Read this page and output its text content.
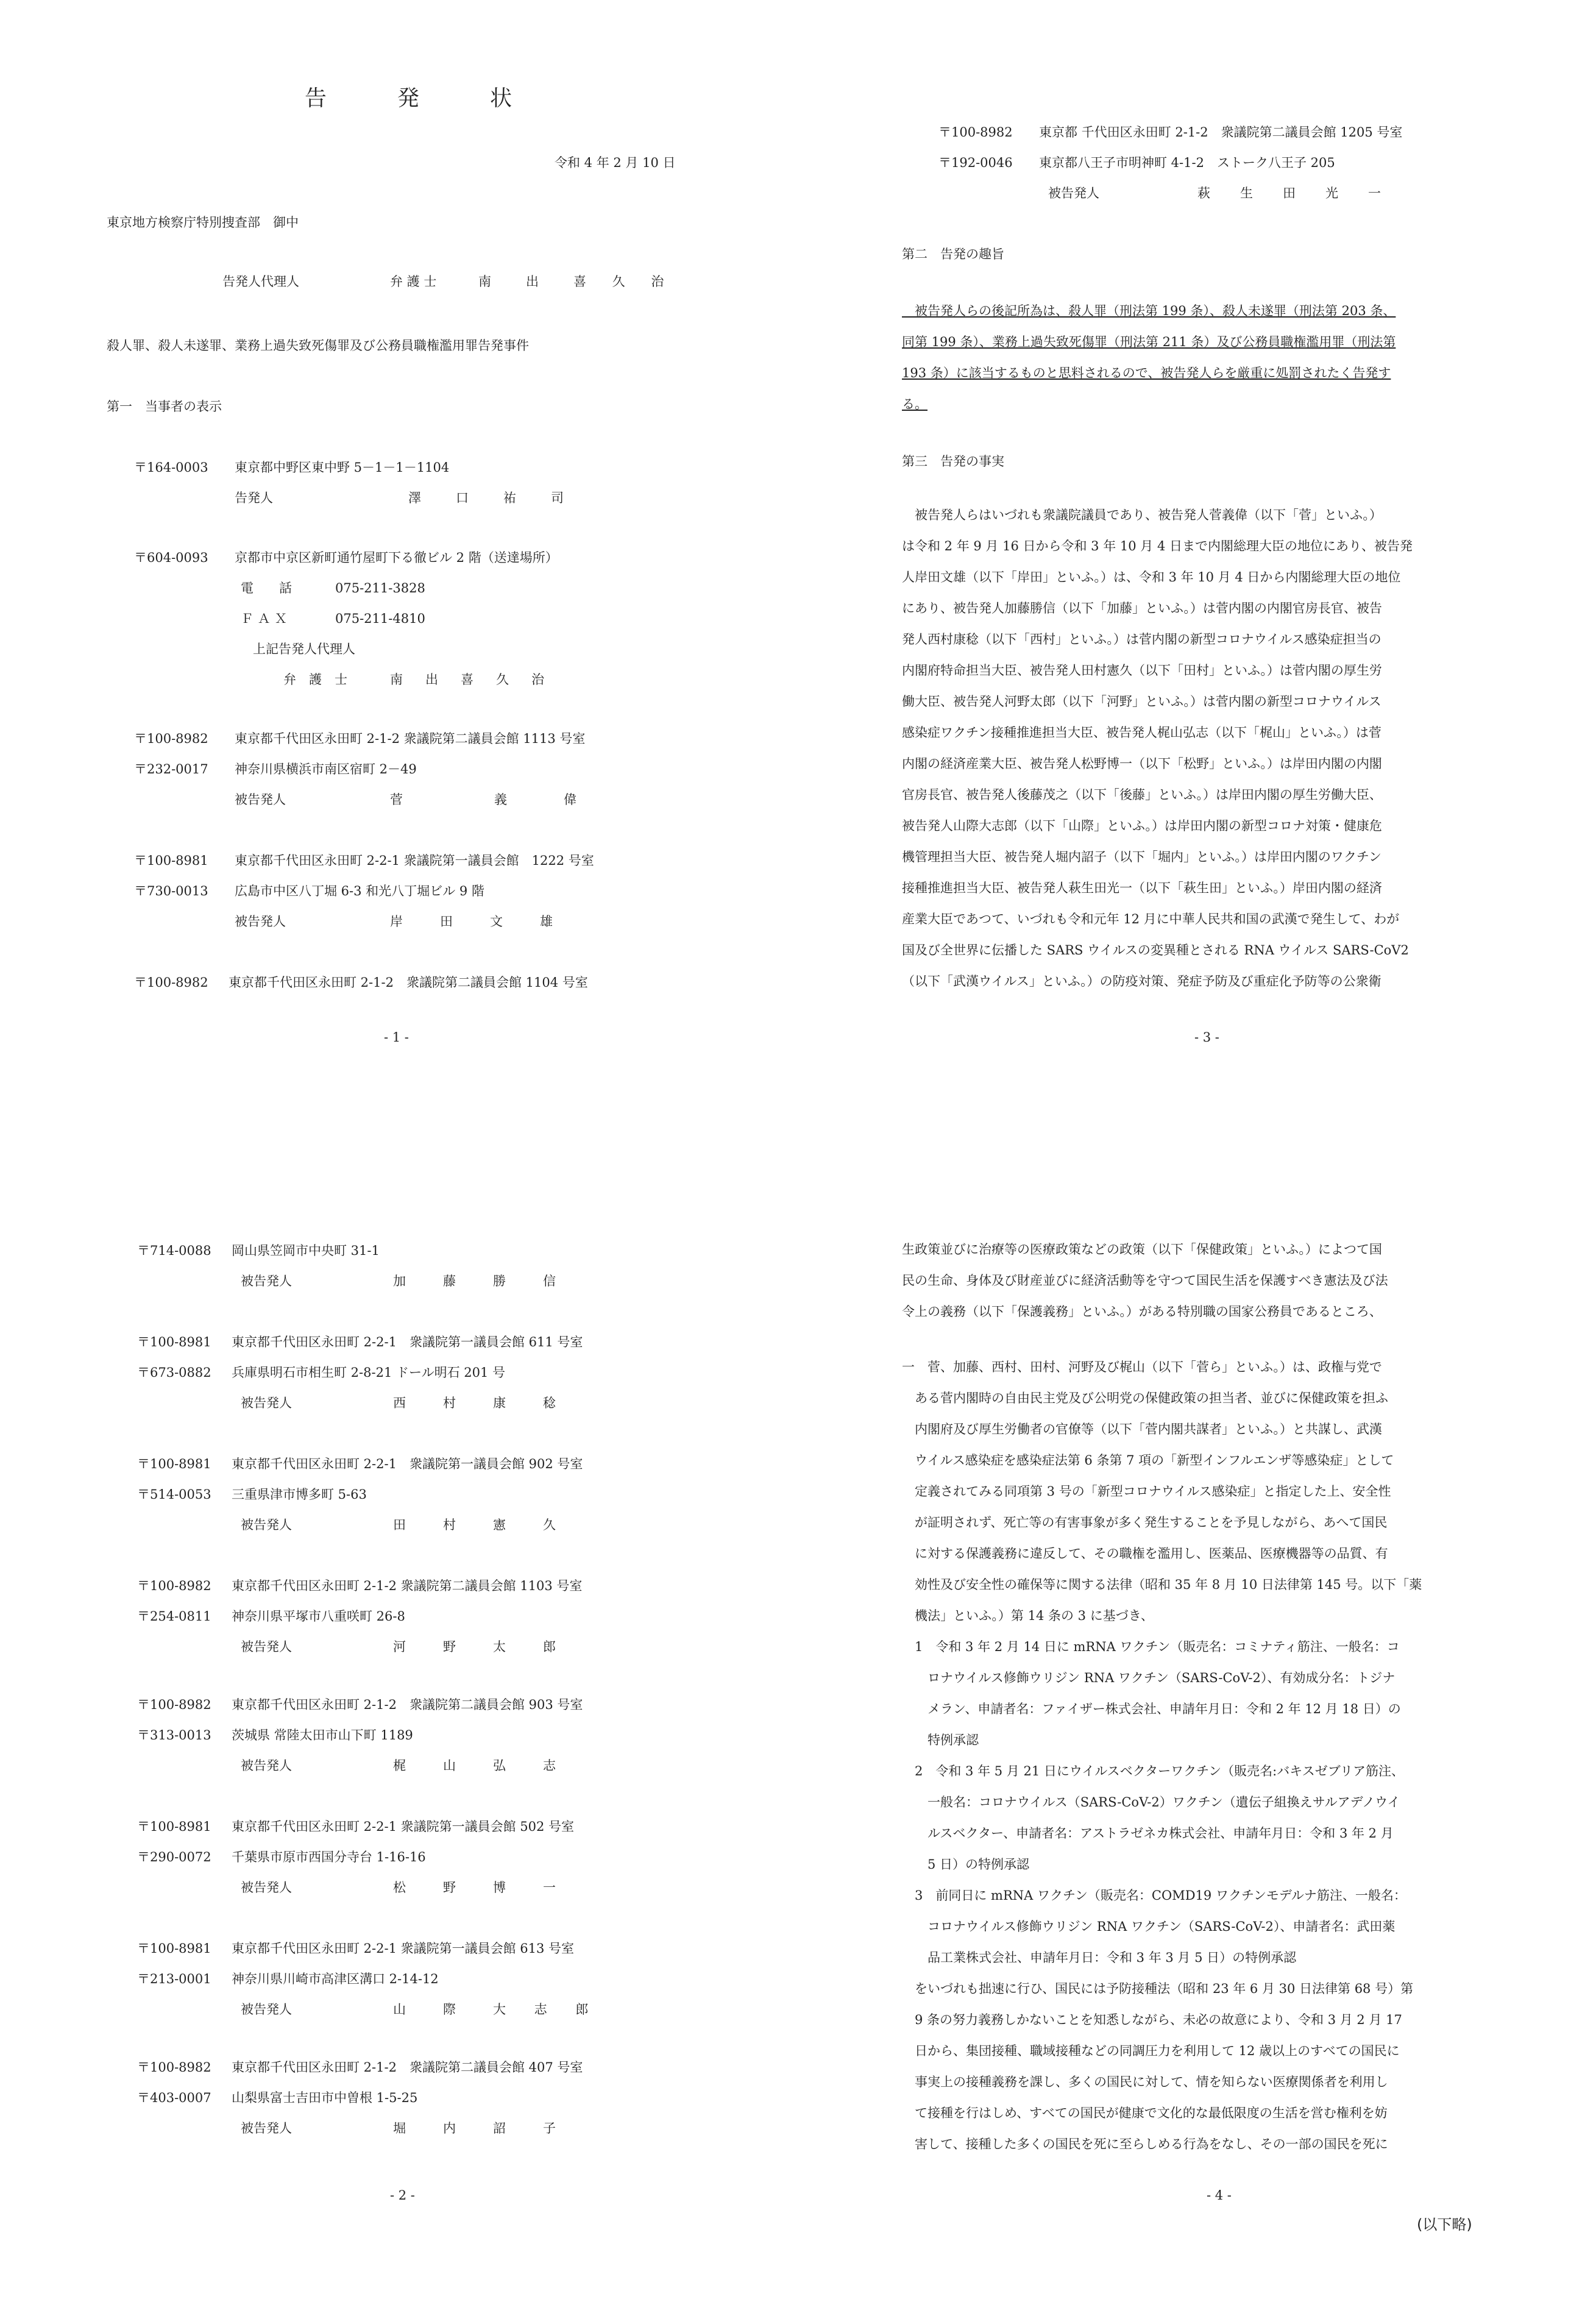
告　発　状
令和 4 年 2 月 10 日
東京地方検察庁特別捜査部　御中
告発人代理人	弁 護 士	南　出　喜 久 治
殺人罪、殺人未遂罪、業務上過失致死傷罪及び公務員職権濫用罪告発事件
第一　当事者の表示
〒164-0003 東京都中野区東中野 5－1－1－1104
告発人	澤　口　祐　司
〒604-0093 京都市中京区新町通竹屋町下る徹ビル 2 階（送達場所）
電　　話	075-211-3828
Ｆ Ａ Ｘ	075-211-4810
上記告発人代理人
弁　護　士	南　出　喜　久　治
〒100-8982 東京都千代田区永田町 2-1-2 衆議院第二議員会館 1113 号室
〒232-0017 神奈川県横浜市南区宿町 2－49
被告発人	菅　　義　偉
〒100-8981 東京都千代田区永田町 2-2-1 衆議院第一議員会館　1222 号室
〒730-0013 広島市中区八丁堀 6-3 和光八丁堀ビル 9 階
被告発人	岸　田　文　雄
〒100-8982 東京都千代田区永田町 2-1-2　衆議院第二議員会館 1104 号室
- 1 -
〒100-8982 東京都 千代田区永田町 2-1-2　衆議院第二議員会館 1205 号室
〒192-0046 東京都八王子市明神町 4-1-2　ストーク八王子 205
被告発人	萩　生　田　光　一
第二　告発の趣旨
　被告発人らの後記所為は、殺人罪（刑法第 199 条）、殺人未遂罪（刑法第 203 条、
同第 199 条）、業務上過失致死傷罪（刑法第 211 条）及び公務員職権濫用罪（刑法第
193 条）に該当するものと思料されるので、被告発人らを厳重に処罰されたく告発す
る。
第三　告発の事実
　被告発人らはいづれも衆議院議員であり、被告発人菅義偉（以下「菅」といふ。）
は令和 2 年 9 月 16 日から令和 3 年 10 月 4 日まで内閣総理大臣の地位にあり、被告発
人岸田文雄（以下「岸田」といふ。）は、令和 3 年 10 月 4 日から内閣総理大臣の地位
にあり、被告発人加藤勝信（以下「加藤」といふ。）は菅内閣の内閣官房長官、被告
発人西村康稔（以下「西村」といふ。）は菅内閣の新型コロナウイルス感染症担当の
内閣府特命担当大臣、被告発人田村憲久（以下「田村」といふ。）は菅内閣の厚生労
働大臣、被告発人河野太郎（以下「河野」といふ。）は菅内閣の新型コロナウイルス
感染症ワクチン接種推進担当大臣、被告発人梶山弘志（以下「梶山」といふ。）は菅
内閣の経済産業大臣、被告発人松野博一（以下「松野」といふ。）は岸田内閣の内閣
官房長官、被告発人後藤茂之（以下「後藤」といふ。）は岸田内閣の厚生労働大臣、
被告発人山際大志郎（以下「山際」といふ。）は岸田内閣の新型コロナ対策・健康危
機管理担当大臣、被告発人堀内詔子（以下「堀内」といふ。）は岸田内閣のワクチン
接種推進担当大臣、被告発人萩生田光一（以下「萩生田」といふ。）岸田内閣の経済
産業大臣であつて、いづれも令和元年 12 月に中華人民共和国の武漢で発生して、わが
国及び全世界に伝播した SARS ウイルスの変異種とされる RNA ウイルス SARS-CoV2
（以下「武漢ウイルス」といふ。）の防疫対策、発症予防及び重症化予防等の公衆衛
- 3 -
〒714-0088 岡山県笠岡市中央町 31-1
被告発人	加　藤　勝　信
〒100-8981 東京都千代田区永田町 2-2-1　衆議院第一議員会館 611 号室
〒673-0882 兵庫県明石市相生町 2-8-21 ドール明石 201 号
被告発人	西　村　康　稔
〒100-8981 東京都千代田区永田町 2-2-1　衆議院第一議員会館 902 号室
〒514-0053 三重県津市博多町 5-63
被告発人	田　村　憲　久
〒100-8982 東京都千代田区永田町 2-1-2 衆議院第二議員会館 1103 号室
〒254-0811 神奈川県平塚市八重咲町 26-8
被告発人	河　野　太　郎
〒100-8982 東京都千代田区永田町 2-1-2　衆議院第二議員会館 903 号室
〒313-0013 茨城県 常陸太田市山下町 1189
被告発人	梶　山　弘　志
〒100-8981 東京都千代田区永田町 2-2-1 衆議院第一議員会館 502 号室
〒290-0072 千葉県市原市西国分寺台 1-16-16
被告発人	松　野　博　一
〒100-8981 東京都千代田区永田町 2-2-1 衆議院第一議員会館 613 号室
〒213-0001 神奈川県川崎市高津区溝口 2-14-12
被告発人	山　際　大 志 郎
〒100-8982 東京都千代田区永田町 2-1-2　衆議院第二議員会館 407 号室
〒403-0007 山梨県富士吉田市中曽根 1-5-25
被告発人	堀　内　詔　子
- 2 -
生政策並びに治療等の医療政策などの政策（以下「保健政策」といふ。）によつて国
民の生命、身体及び財産並びに経済活動等を守つて国民生活を保護すべき憲法及び法
令上の義務（以下「保護義務」といふ。）がある特別職の国家公務員であるところ、
一　菅、加藤、西村、田村、河野及び梶山（以下「菅ら」といふ。）は、政権与党で
　ある菅内閣時の自由民主党及び公明党の保健政策の担当者、並びに保健政策を担ふ
　内閣府及び厚生労働者の官僚等（以下「菅内閣共謀者」といふ。）と共謀し、武漢
　ウイルス感染症を感染症法第 6 条第 7 項の「新型インフルエンザ等感染症」として
　定義されてみる同項第 3 号の「新型コロナウイルス感染症」と指定した上、安全性
　が証明されず、死亡等の有害事象が多く発生することを予見しながら、あへて国民
　に対する保護義務に違反して、その職権を濫用し、医薬品、医療機器等の品質、有
　効性及び安全性の確保等に関する法律（昭和 35 年 8 月 10 日法律第 145 号。以下「薬
　機法」といふ。）第 14 条の 3 に基づき、
　1　令和 3 年 2 月 14 日に mRNA ワクチン（販売名：コミナティ筋注、一般名：コ
　　ロナウイルス修飾ウリジン RNA ワクチン（SARS-CoV-2）、有効成分名：トジナ
　　メラン、申請者名：ファイザー株式会社、申請年月日：令和 2 年 12 月 18 日）の
　　特例承認
　2　令和 3 年 5 月 21 日にウイルスベクターワクチン（販売名:バキスゼブリア筋注、
　　一般名：コロナウイルス（SARS-CoV-2）ワクチン（遺伝子組換えサルアデノウイ
　　ルスベクター、申請者名：アストラゼネカ株式会社、申請年月日：令和 3 年 2 月
　　5 日）の特例承認
　3　前同日に mRNA ワクチン（販売名：COMD19 ワクチンモデルナ筋注、一般名：
　　コロナウイルス修飾ウリジン RNA ワクチン（SARS-CoV-2）、申請者名：武田薬
　　品工業株式会社、申請年月日：令和 3 年 3 月 5 日）の特例承認
　をいづれも拙速に行ひ、国民には予防接種法（昭和 23 年 6 月 30 日法律第 68 号）第
　9 条の努力義務しかないことを知悉しながら、未必の故意により、令和 3 月 2 月 17
　日から、集団接種、職域接種などの同調圧力を利用して 12 歳以上のすべての国民に
　事実上の接種義務を課し、多くの国民に対して、情を知らない医療関係者を利用し
　て接種を行はしめ、すべての国民が健康で文化的な最低限度の生活を営む権利を妨
　害して、接種した多くの国民を死に至らしめる行為をなし、その一部の国民を死に
- 4 -
(以下略)
